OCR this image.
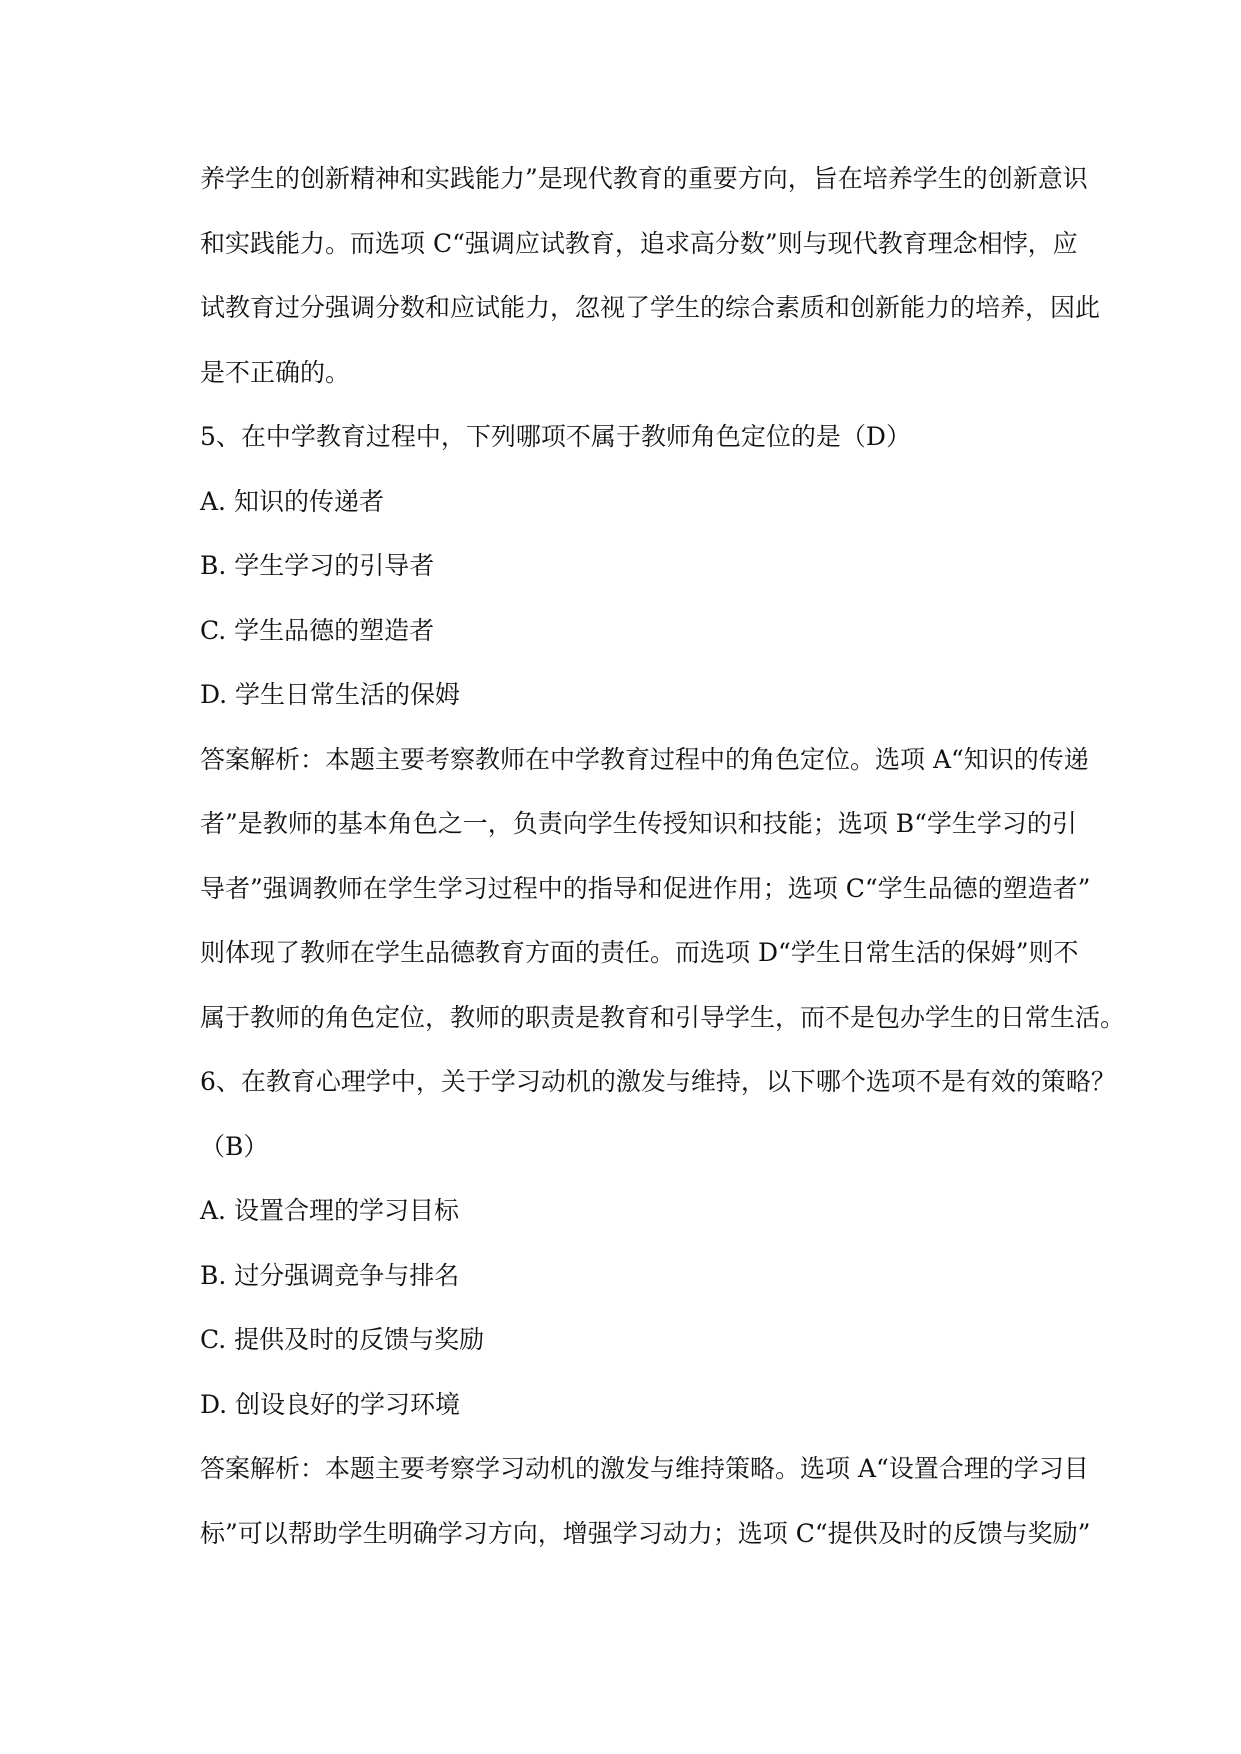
养学生的创新精神和实践能力”是现代教育的重要方向，旨在培养学生的创新意识
和实践能力。而选项 C“强调应试教育，追求高分数”则与现代教育理念相悖，应
试教育过分强调分数和应试能力，忽视了学生的综合素质和创新能力的培养，因此
是不正确的。
5、在中学教育过程中，下列哪项不属于教师角色定位的是（D）
A. 知识的传递者
B. 学生学习的引导者
C. 学生品德的塑造者
D. 学生日常生活的保姆
答案解析：本题主要考察教师在中学教育过程中的角色定位。选项 A“知识的传递
者”是教师的基本角色之一，负责向学生传授知识和技能；选项 B“学生学习的引
导者”强调教师在学生学习过程中的指导和促进作用；选项 C“学生品德的塑造者”
则体现了教师在学生品德教育方面的责任。而选项 D“学生日常生活的保姆”则不
属于教师的角色定位，教师的职责是教育和引导学生，而不是包办学生的日常生活。
6、在教育心理学中，关于学习动机的激发与维持，以下哪个选项不是有效的策略？
（B）
A. 设置合理的学习目标
B. 过分强调竞争与排名
C. 提供及时的反馈与奖励
D. 创设良好的学习环境
答案解析：本题主要考察学习动机的激发与维持策略。选项 A“设置合理的学习目
标”可以帮助学生明确学习方向，增强学习动力；选项 C“提供及时的反馈与奖励”
